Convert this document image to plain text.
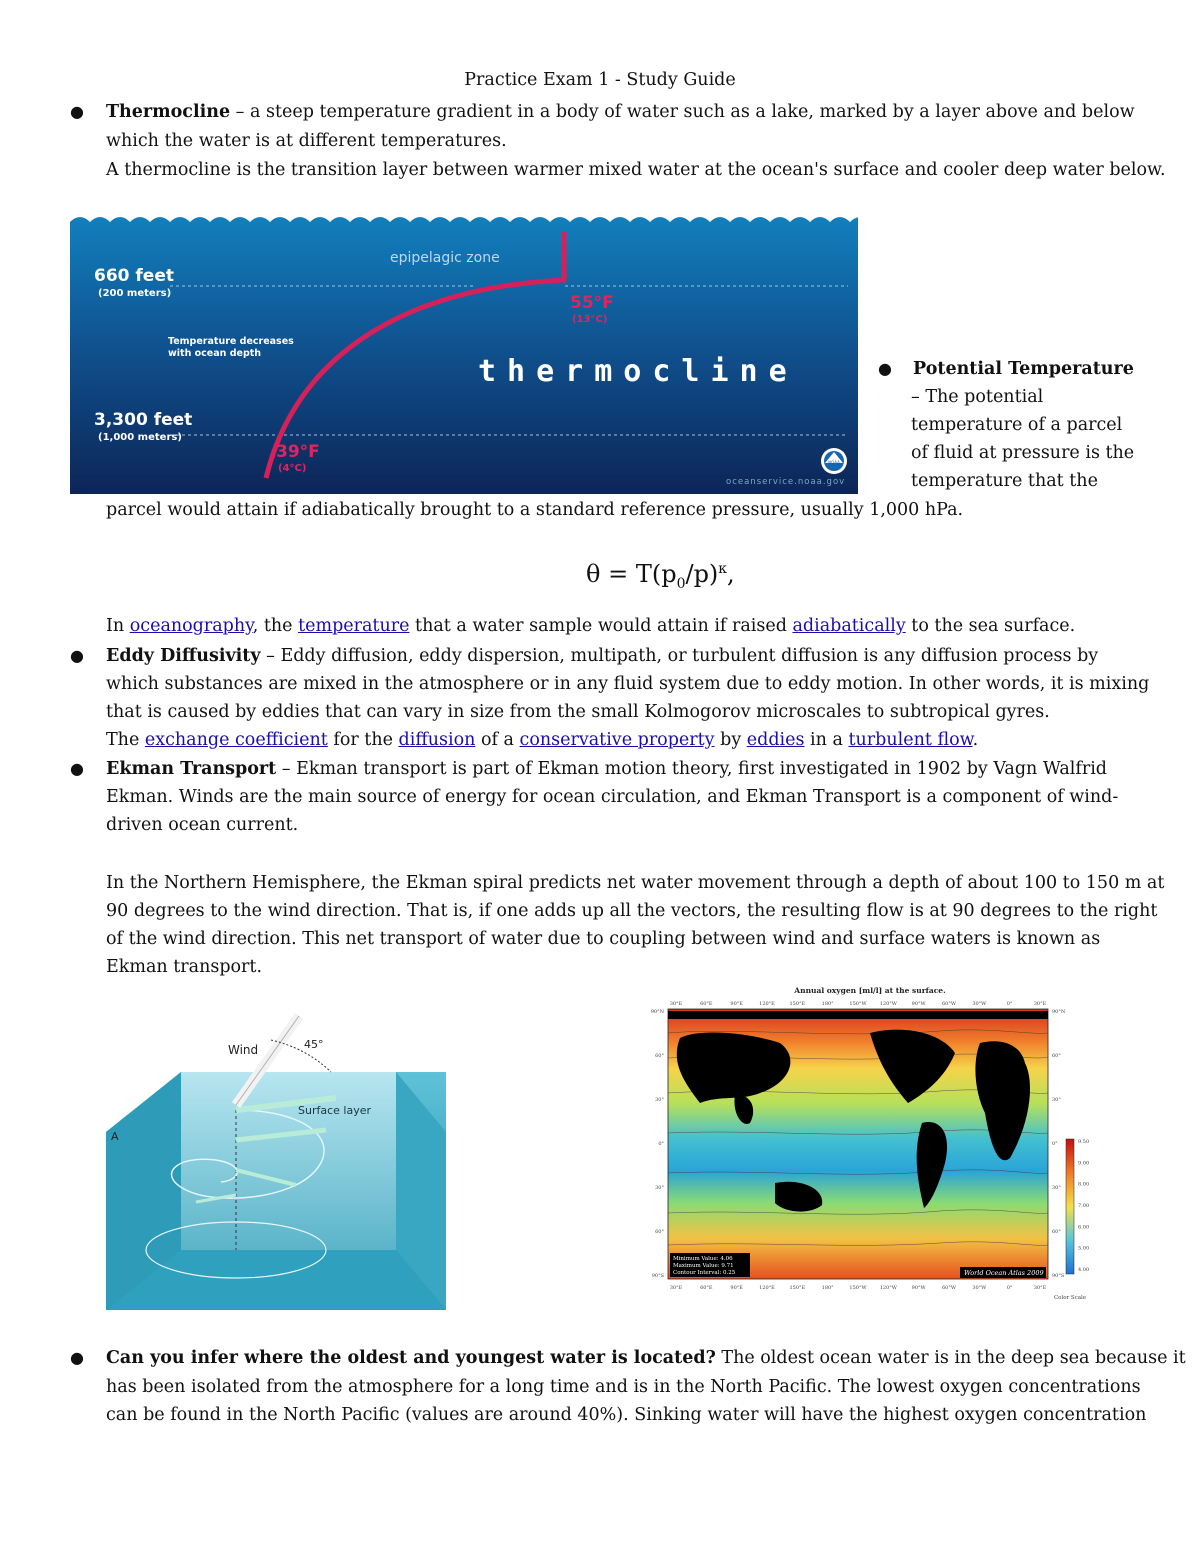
Practice Exam 1 - Study Guide
● Thermocline – a steep temperature gradient in a body of water such as a lake, marked by a layer above and below
which the water is at different temperatures.
A thermocline is the transition layer between warmer mixed water at the ocean's surface and cooler deep water below.
epipelagic zone
660 feet
(200 meters)
Temperature decreases
with ocean depth
thermocline
3,300 feet
(1,000 meters)
55°F
(13°C)
39°F
(4°C)
NOAA
oceanservice.noaa.gov
● Potential Temperature
– The potential
temperature of a parcel
of fluid at pressure is the
temperature that the
parcel would attain if adiabatically brought to a standard reference pressure, usually 1,000 hPa.
$\theta = T(p_0/p)^\kappa$,
In oceanography, the temperature that a water sample would attain if raised adiabatically to the sea surface.
● Eddy Diffusivity – Eddy diffusion, eddy dispersion, multipath, or turbulent diffusion is any diffusion process by
which substances are mixed in the atmosphere or in any fluid system due to eddy motion. In other words, it is mixing
that is caused by eddies that can vary in size from the small Kolmogorov microscales to subtropical gyres.
The exchange coefficient for the diffusion of a conservative property by eddies in a turbulent flow.
● Ekman Transport – Ekman transport is part of Ekman motion theory, first investigated in 1902 by Vagn Walfrid
Ekman. Winds are the main source of energy for ocean circulation, and Ekman Transport is a component of wind-
driven ocean current.
In the Northern Hemisphere, the Ekman spiral predicts net water movement through a depth of about 100 to 150 m at
90 degrees to the wind direction. That is, if one adds up all the vectors, the resulting flow is at 90 degrees to the right
of the wind direction. This net transport of water due to coupling between wind and surface waters is known as
Ekman transport.
Wind	45°
Surface layer
A
Annual oxygen [ml/l] at the surface.
30°E	60°E	90°E	120°E	150°E	180°	150°W	120°W	90°W	60°W	30°W	0°	30°E
30°E	60°E	90°E	120°E	150°E	180°	150°W	120°W	90°W	60°W	30°W	0°	30°E
90°N
60°
30°
0°
30°
60°
90°S
90°N
60°
30°
0°
30°
60°
90°S
Minimum Value: 4.06
Maximum Value: 9.71
Contour Interval: 0.25	World Ocean Atlas 2009
9.50
9.00
8.00
7.00
6.00
5.00
4.00
Color Scale
● Can you infer where the oldest and youngest water is located? The oldest ocean water is in the deep sea because it
has been isolated from the atmosphere for a long time and is in the North Pacific. The lowest oxygen concentrations
can be found in the North Pacific (values are around 40%). Sinking water will have the highest oxygen concentration
